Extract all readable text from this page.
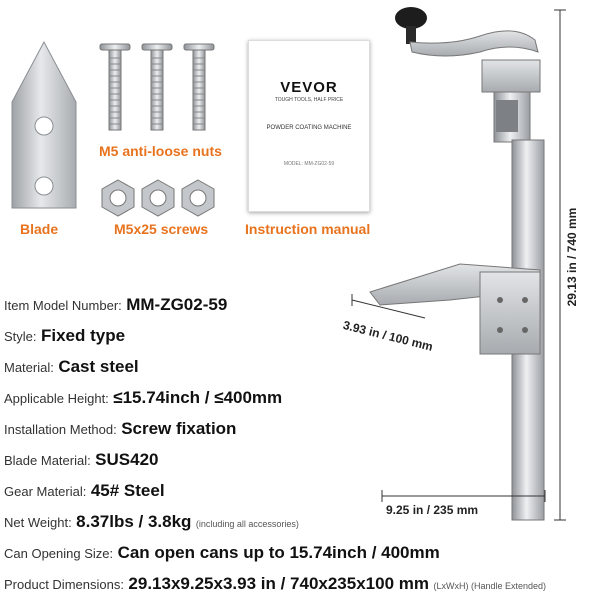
Blade
M5 anti-loose nuts
M5x25 screws
VEVOR
TOUGH TOOLS, HALF PRICE
POWDER COATING MACHINE
MODEL: MM-ZG02-59
Instruction manual	29.13 in / 740 mm
3.93 in / 100 mm
9.25 in / 235 mm
Item Model Number: MM-ZG02-59
Style: Fixed type
Material: Cast steel
Applicable Height: ≤15.74inch / ≤400mm
Installation Method: Screw fixation
Blade Material: SUS420
Gear Material: 45# Steel
Net Weight: 8.37lbs / 3.8kg (including all accessories)
Can Opening Size: Can open cans up to 15.74inch / 400mm
Product Dimensions: 29.13x9.25x3.93 in / 740x235x100 mm (LxWxH) (Handle Extended)
